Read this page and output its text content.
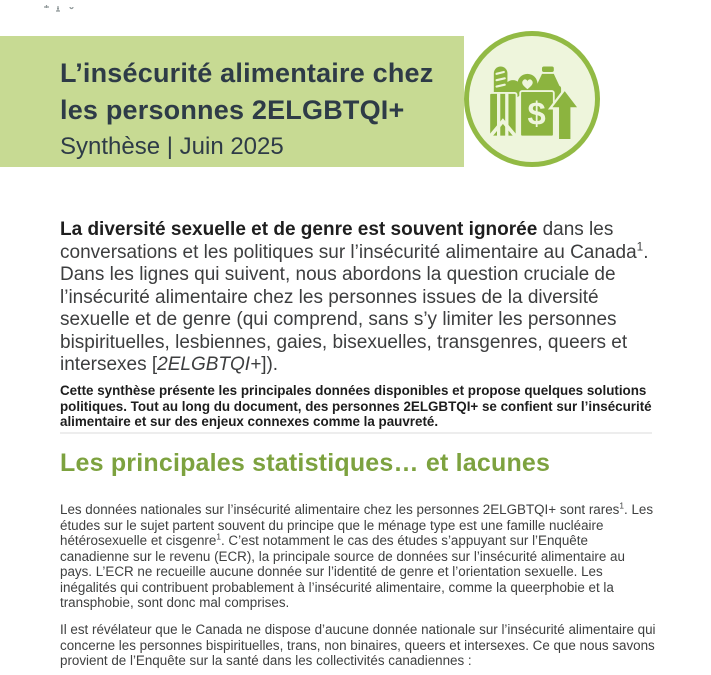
L’insécurité alimentaire chez
les personnes 2ELGBTQI+
Synthèse | Juin 2025
$

La diversité sexuelle et de genre est souvent ignorée dans les conversations et les politiques sur l’insécurité alimentaire au Canada$^1$. Dans les lignes qui suivent, nous abordons la question cruciale de l’insécurité alimentaire chez les personnes issues de la diversité sexuelle et de genre (qui comprend, sans s’y limiter les personnes bispirituelles, lesbiennes, gaies, bisexuelles, transgenres, queers et intersexes [2ELGBTQI+]).

Cette synthèse présente les principales données disponibles et propose quelques solutions politiques. Tout au long du document, des personnes 2ELGBTQI+ se confient sur l’insécurité alimentaire et sur des enjeux connexes comme la pauvreté.

Les principales statistiques… et lacunes

Les données nationales sur l’insécurité alimentaire chez les personnes 2ELGBTQI+ sont rares$^1$. Les études sur le sujet partent souvent du principe que le ménage type est une famille nucléaire hétérosexuelle et cisgenre$^1$. C’est notamment le cas des études s’appuyant sur l’Enquête canadienne sur le revenu (ECR), la principale source de données sur l’insécurité alimentaire au pays. L’ECR ne recueille aucune donnée sur l’identité de genre et l’orientation sexuelle. Les inégalités qui contribuent probablement à l’insécurité alimentaire, comme la queerphobie et la transphobie, sont donc mal comprises.

Il est révélateur que le Canada ne dispose d’aucune donnée nationale sur l’insécurité alimentaire qui concerne les personnes bispirituelles, trans, non binaires, queers et intersexes. Ce que nous savons provient de l’Enquête sur la santé dans les collectivités canadiennes :
